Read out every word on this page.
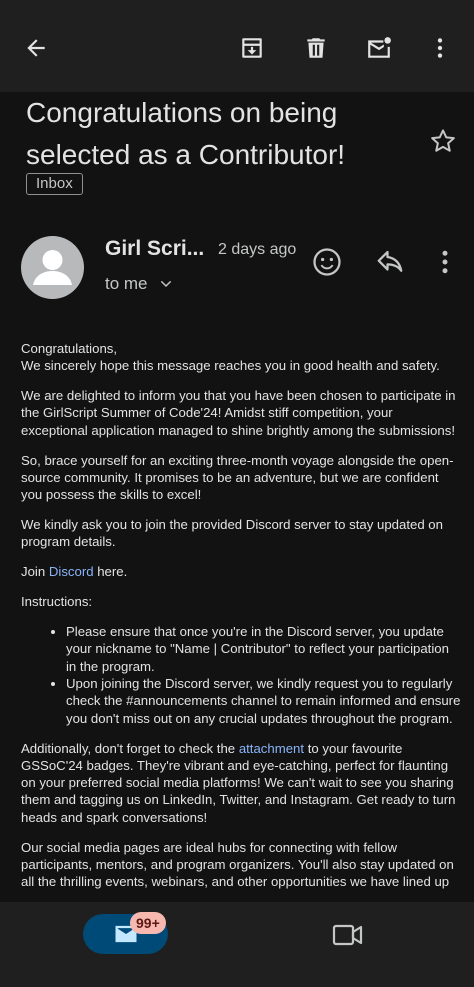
Congratulations on being
selected as a Contributor!
Inbox
Girl Scri... 2 days ago
to me

Congratulations,
We sincerely hope this message reaches you in good health and safety.

We are delighted to inform you that you have been chosen to participate in the GirlScript Summer of Code'24! Amidst stiff competition, your exceptional application managed to shine brightly among the submissions!

So, brace yourself for an exciting three-month voyage alongside the open-source community. It promises to be an adventure, but we are confident you possess the skills to excel!

We kindly ask you to join the provided Discord server to stay updated on program details.

Join Discord here.

Instructions:

• Please ensure that once you're in the Discord server, you update your nickname to "Name | Contributor" to reflect your participation in the program.
• Upon joining the Discord server, we kindly request you to regularly check the #announcements channel to remain informed and ensure you don't miss out on any crucial updates throughout the program.

Additionally, don't forget to check the attachment to your favourite GSSoC'24 badges. They're vibrant and eye-catching, perfect for flaunting on your preferred social media platforms! We can't wait to see you sharing them and tagging us on LinkedIn, Twitter, and Instagram. Get ready to turn heads and spark conversations!

Our social media pages are ideal hubs for connecting with fellow participants, mentors, and program organizers. You'll also stay updated on all the thrilling events, webinars, and other opportunities we have lined up

99+
